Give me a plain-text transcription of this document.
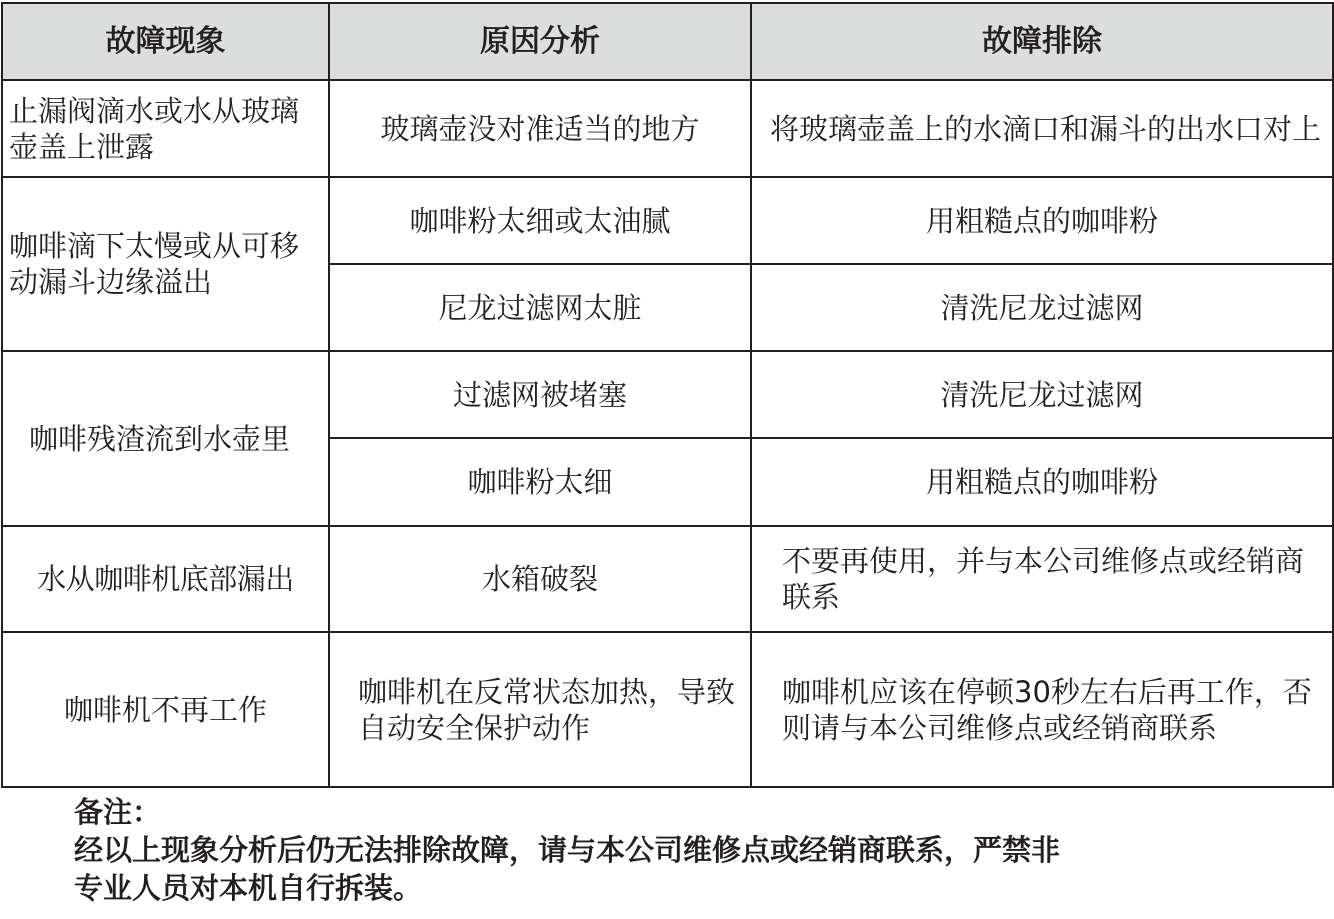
故障现象	原因分析	故障排除
止漏阀滴水或水从玻璃壶盖上泄露	玻璃壶没对准适当的地方	将玻璃壶盖上的水滴口和漏斗的出水口对上
咖啡滴下太慢或从可移动漏斗边缘溢出	咖啡粉太细或太油腻	用粗糙点的咖啡粉
	尼龙过滤网太脏	清洗尼龙过滤网
咖啡残渣流到水壶里	过滤网被堵塞	清洗尼龙过滤网
	咖啡粉太细	用粗糙点的咖啡粉
水从咖啡机底部漏出	水箱破裂	不要再使用，并与本公司维修点或经销商联系
咖啡机不再工作	咖啡机在反常状态加热，导致自动安全保护动作	咖啡机应该在停顿30秒左右后再工作，否则请与本公司维修点或经销商联系
备注：
经以上现象分析后仍无法排除故障，请与本公司维修点或经销商联系，严禁非
专业人员对本机自行拆装。
